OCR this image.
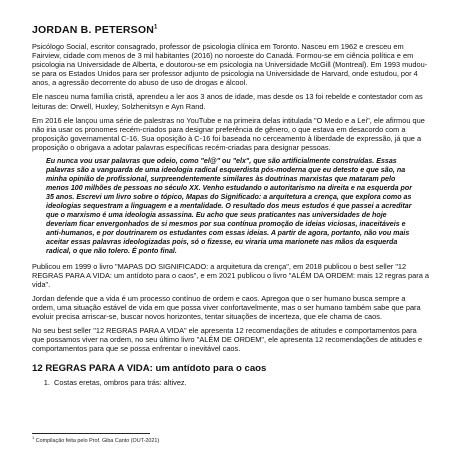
JORDAN B. PETERSON$^1$

Psicólogo Social, escritor consagrado, professor de psicologia clínica em Toronto. Nasceu em 1962 e cresceu em Fairview, cidade com menos de 3 mil habitantes (2016) no noroeste do Canadá. Formou-se em ciência política e em psicologia na Universidade de Alberta, e doutorou-se em psicologia na Universidade McGill (Montreal). Em 1993 mudou-se para os Estados Unidos para ser professor adjunto de psicologia na Universidade de Harvard, onde estudou, por 4 anos, a agressão decorrente do abuso de uso de drogas e álcool.

Ele nasceu numa família cristã, aprendeu a ler aos 3 anos de idade, mas desde os 13 foi rebelde e contestador com as leituras de: Orwell, Huxley, Solzhenitsyn e Ayn Rand.

Em 2016 ele lançou uma série de palestras no YouTube e na primeira delas intitulada "O Medo e a Lei", ele afirmou que não iria usar os pronomes recém-criados para designar preferência de gênero, o que estava em desacordo com a proposição governamental C-16. Sua oposição à C-16 foi baseada no cerceamento à liberdade de expressão, já que a proposição o obrigava a adotar palavras específicas recém-criadas para designar pessoas.

Eu nunca vou usar palavras que odeio, como "el@" ou "elx", que são artificialmente construídas. Essas palavras são a vanguarda de uma ideologia radical esquerdista pós-moderna que eu detesto e que são, na minha opinião de profissional, surpreendentemente similares às doutrinas marxistas que mataram pelo menos 100 milhões de pessoas no século XX. Venho estudando o autoritarismo na direita e na esquerda por 35 anos. Escrevi um livro sobre o tópico, Mapas do Significado: a arquitetura a crença, que explora como as ideologias sequestram a linguagem e a mentalidade. O resultado dos meus estudos é que passei a acreditar que o marxismo é uma ideologia assassina. Eu acho que seus praticantes nas universidades de hoje deveriam ficar envergonhados de si mesmos por sua contínua promoção de ideias viciosas, inaceitáveis e anti-humanos, e por doutrinarem os estudantes com essas ideias. A partir de agora, portanto, não vou mais aceitar essas palavras ideologizadas pois, só o fizesse, eu viraria uma marionete nas mãos da esquerda radical, o que não tolero. É ponto final.

Publicou em 1999 o livro "MAPAS DO SIGNIFICADO: a arquitetura da crença", em 2018 publicou o best seller "12 REGRAS PARA A VIDA: um antídoto para o caos", e em 2021 publicou o livro "ALÉM DA ORDEM: mais 12 regras para a vida".

Jordan defende que a vida é um processo contínuo de ordem e caos. Apregoa que o ser humano busca sempre a ordem, uma situação estável de vida em que possa viver confortavelmente, mas o ser humano também sabe que para evoluir precisa arriscar-se, buscar novos horizontes, tentar situações de incerteza, que ele chama de caos.

No seu best seller "12 REGRAS PARA A VIDA" ele apresenta 12 recomendações de atitudes e comportamentos para que possamos viver na ordem, no seu último livro "ALÉM DE ORDEM", ele apresenta 12 recomendações de atitudes e comportamentos para que se possa enfrentar o inevitável caos.

12 REGRAS PARA A VIDA: um antídoto para o caos
1. Costas eretas, ombros para trás: altivez.
$^1$ Compilação feita pelo Prof. Giba Canto (OUT-2021)
